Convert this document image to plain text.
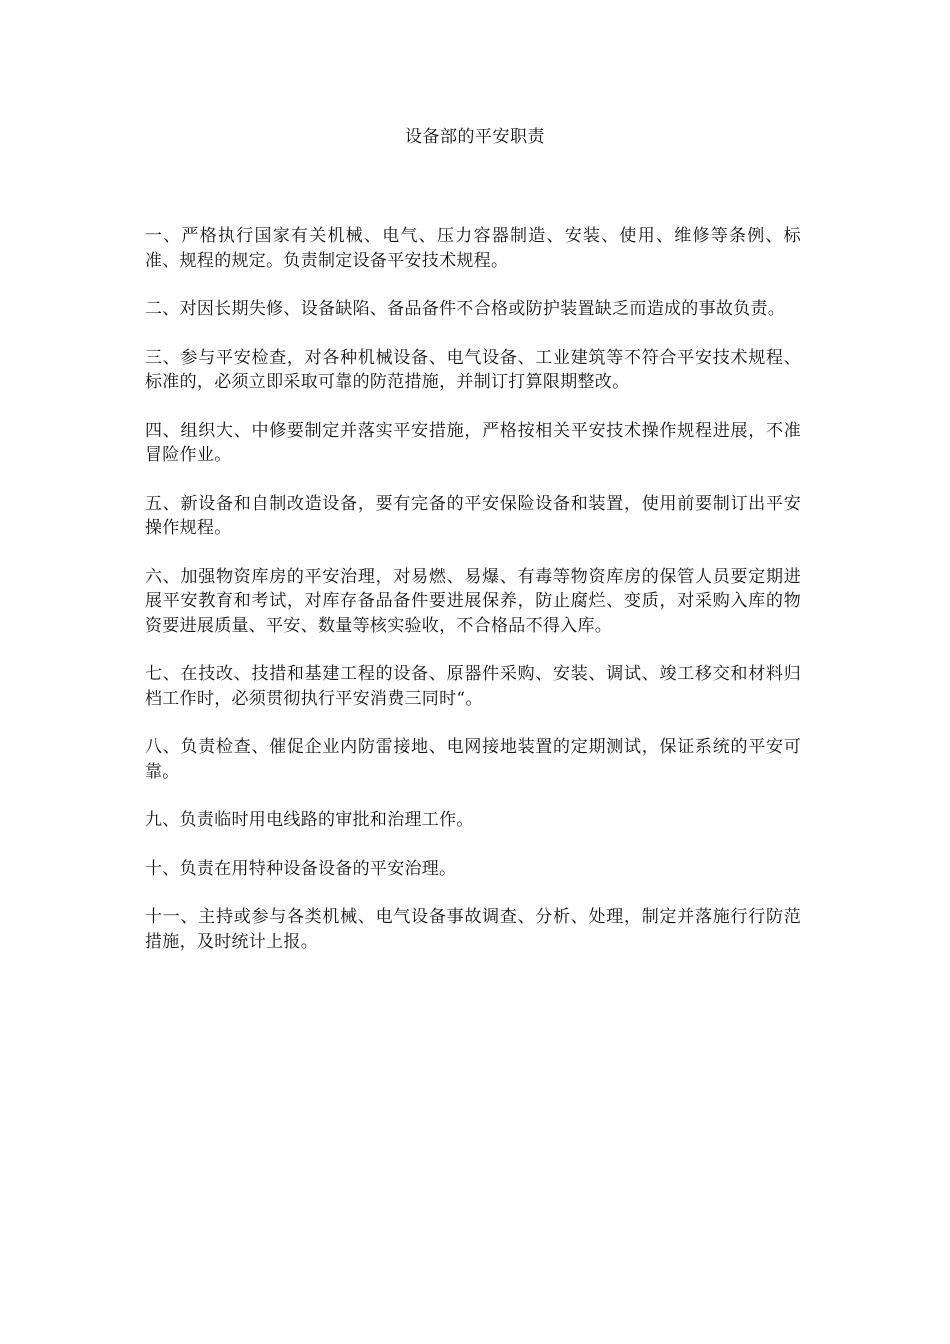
设备部的平安职责
一、严格执行国家有关机械、电气、压力容器制造、安装、使用、维修等条例、标准、规程的规定。负责制定设备平安技术规程。
二、对因长期失修、设备缺陷、备品备件不合格或防护装置缺乏而造成的事故负责。
三、参与平安检查，对各种机械设备、电气设备、工业建筑等不符合平安技术规程、标准的，必须立即采取可靠的防范措施，并制订打算限期整改。
四、组织大、中修要制定并落实平安措施，严格按相关平安技术操作规程进展，不准冒险作业。
五、新设备和自制改造设备，要有完备的平安保险设备和装置，使用前要制订出平安操作规程。
六、加强物资库房的平安治理，对易燃、易爆、有毒等物资库房的保管人员要定期进展平安教育和考试，对库存备品备件要进展保养，防止腐烂、变质，对采购入库的物资要进展质量、平安、数量等核实验收，不合格品不得入库。
七、在技改、技措和基建工程的设备、原器件采购、安装、调试、竣工移交和材料归档工作时，必须贯彻执行平安消费三同时“。
八、负责检查、催促企业内防雷接地、电网接地装置的定期测试，保证系统的平安可靠。
九、负责临时用电线路的审批和治理工作。
十、负责在用特种设备设备的平安治理。
十一、主持或参与各类机械、电气设备事故调查、分析、处理，制定并落施行行防范措施，及时统计上报。
